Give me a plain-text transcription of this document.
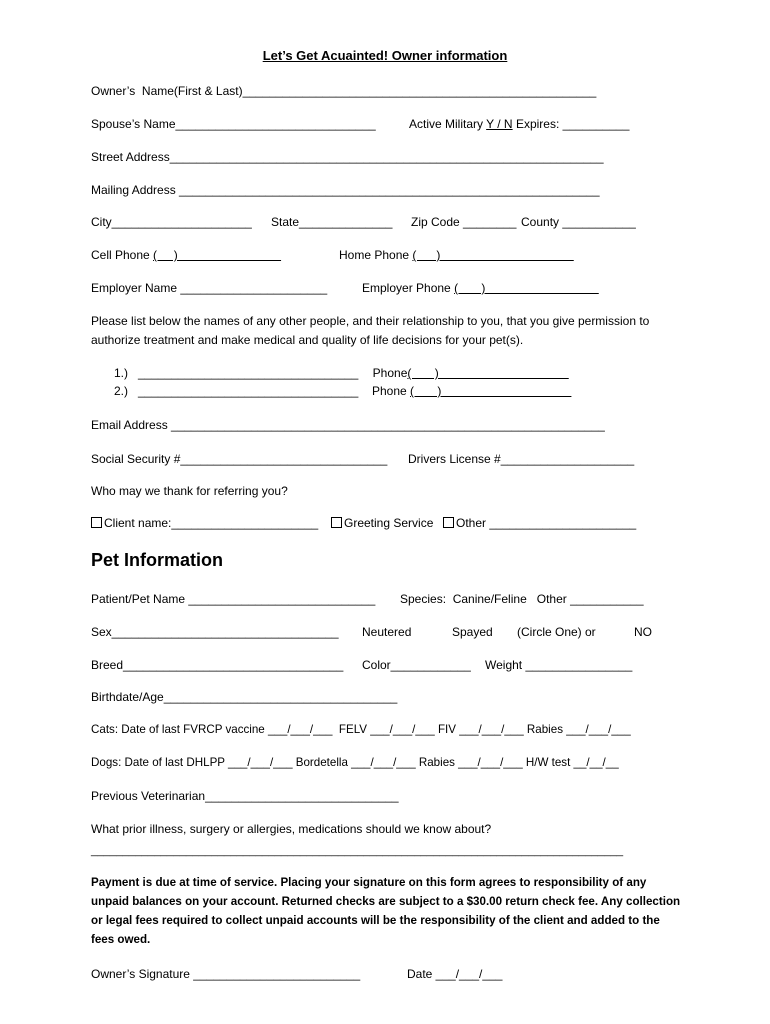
Let’s Get Acuainted! Owner information
Owner’s  Name(First & Last)_____________________________________________________
Spouse’s Name______________________________	Active Military Y / N Expires: __________
Street Address_________________________________________________________________
Mailing Address _______________________________________________________________
City_____________________ State______________ Zip Code ________ County ___________
Cell Phone (     )	Home Phone (      )
Employer Name ______________________	Employer Phone (       )
Please list below the names of any other people, and their relationship to you, that you give permission to authorize treatment and make medical and quality of life decisions for your pet(s).
1.)   _________________________________ Phone(       )
2.)   _________________________________ Phone (       )
Email Address _________________________________________________________________
Social Security #_______________________________ Drivers License #____________________
Who may we thank for referring you?
Client name:______________________	Greeting Service	Other ______________________
Pet Information
Patient/Pet Name ____________________________ Species:  Canine/Feline   Other ___________
Sex__________________________________ Neutered	Spayed (Circle One) or	NO
Breed_________________________________ Color____________ Weight ________________
Birthdate/Age___________________________________
Cats: Date of last FVRCP vaccine ___/___/___  FELV ___/___/___ FIV ___/___/___ Rabies ___/___/___
Dogs: Date of last DHLPP ___/___/___ Bordetella ___/___/___ Rabies ___/___/___ H/W test __/__/__
Previous Veterinarian_____________________________
What prior illness, surgery or allergies, medications should we know about?
____________________________________________________________________________________
Payment is due at time of service. Placing your signature on this form agrees to responsibility of any unpaid balances on your account. Returned checks are subject to a $30.00 return check fee. Any collection or legal fees required to collect unpaid accounts will be the responsibility of the client and added to the fees owed.
Owner’s Signature _________________________	Date ___/___/___
